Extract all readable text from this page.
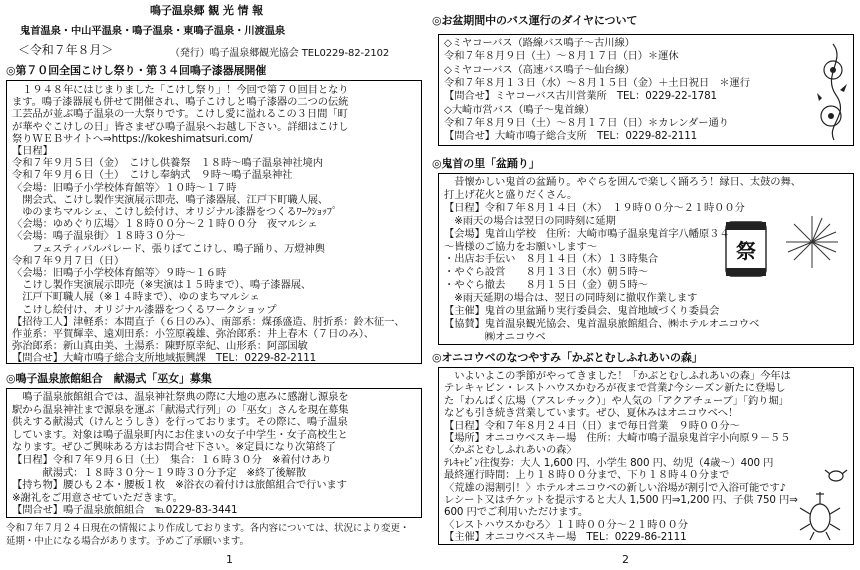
鳴子温泉郷 観 光 情 報
鬼首温泉・中山平温泉・鳴子温泉・東鳴子温泉・川渡温泉
＜令和７年８月＞	（発行）鳴子温泉郷観光協会 TEL0229-82-2102
◎第７０回全国こけし祭り・第３４回鳴子漆器展開催
◎鳴子温泉旅館組合　献湯式「巫女」募集
令和７年７月２４日現在の情報により作成しております。各内容については、状況により変更・
延期・中止になる場合があります。予めご了承願います。
1
　１９４８年にはじまりました「こけし祭り」！今回で第７０回目となり
ます。鳴子漆器展も併せて開催され、鳴子こけしと鳴子漆器の二つの伝統
工芸品が並ぶ鳴子温泉の一大祭りです。こけし愛に溢れるこの３日間「町
が華やぐこけしの日」皆さまぜひ鳴子温泉へお越し下さい。詳細はこけし
祭りＷＥＢサイトへ⇒https://kokeshimatsuri.com/
【日程】
令和７年９月５日（金）　こけし供養祭　１８時～鳴子温泉神社境内
令和７年９月６日（土）　こけし奉納式　９時～鳴子温泉神社
〈会場：旧鳴子小学校体育館等〉１０時～１７時
　開会式、こけし製作実演展示即売、鳴子漆器展、江戸下町職人展、
　ゆのまちマルシェ、こけし絵付け、オリジナル漆器をつくるﾜｰｸｼｮｯﾌﾟ
〈会場：ゆめぐり広場〉１８時００分～２１時００分　夜マルシェ
〈会場：鳴子温泉街〉１８時３０分～
　　フェスティバルパレード、張りぼてこけし、鳴子踊り、万燈神輿
令和７年９月７日（日）
〈会場：旧鳴子小学校体育館等〉９時～１６時
　こけし製作実演展示即売（※実演は１５時まで）、鳴子漆器展、
　江戸下町職人展（※１４時まで）、ゆのまちマルシェ
　こけし絵付け、オリジナル漆器をつくるワークショップ
【招待工人】津軽系：本間直子（６日のみ）、南部系：煤孫盛造、肘折系：鈴木征一、
作並系：平賀輝幸、遠刈田系：小笠原義雄、弥治郎系：井上春木（７日のみ）、
弥治郎系：新山真由美、土湯系：陳野原幸紀、山形系：阿部国敏
【問合せ】大崎市鳴子総合支所地域振興課　TEL：0229-82-2111
　鳴子温泉旅館組合では、温泉神社祭典の際に大地の恵みに感謝し源泉を
駅から温泉神社まで源泉を運ぶ「献湯式行列」の「巫女」さんを現在募集
供えする献湯式（けんとうしき）を行っております。その際に、鳴子温泉
しています。対象は鳴子温泉町内にお住まいの女子中学生・女子高校生と
なります。ぜひご興味ある方はお問合せ下さい。※定員になり次第終了
【日程】令和７年９月６日（土）　集合：１６時３０分　※着付けあり
　　　献湯式：１８時３０分～１９時３０分予定　※終了後解散
【持ち物】腰ひも２本・腰板１枚　※浴衣の着付けは旅館組合で行います
※謝礼をご用意させていただきます。
【問合せ】鳴子温泉旅館組合　℡0229-83-3441
◎お盆期間中のバス運行のダイヤについて
◎鬼首の里「盆踊り」
祭
◎オニコウベのなつやすみ「かぶとむしふれあいの森」
2
◇ミヤコーバス（路線バス鳴子～古川線）
令和７年８月９日（土）～８月１７日（日）＊運休
◇ミヤコーバス（高速バス鳴子～仙台線）
令和７年８月１３日（水）～８月１５日（金）＋土日祝日　＊運行
【問合せ】ミヤコーバス古川営業所　TEL：0229-22-1781
◇大崎市営バス（鳴子～鬼首線）
令和７年８月９日（土）～８月１７日（日）＊カレンダー通り
【問合せ】大崎市鳴子総合支所　TEL：0229-82-2111
　昔懐かしい鬼首の盆踊り。やぐらを囲んで楽しく踊ろう！縁日、太鼓の舞、
打上げ花火と盛りだくさん。
【日程】令和７年８月１４日（木）　１９時００分～２１時００分
　※雨天の場合は翌日の同時刻に延期
【会場】鬼首山学校　住所：大崎市鳴子温泉鬼首字八幡原３４
～皆様のご協力をお願いします～
・出店お手伝い　８月１４日（木）１３時集合
・やぐら設営　　８月１３日（水）朝５時～
・やぐら撤去　　８月１５日（金）朝５時～
　※雨天延期の場合は、翌日の同時刻に撤収作業します
【主催】鬼首の里盆踊り実行委員会、鬼首地域づくり委員会
【協賛】鬼首温泉観光協会、鬼首温泉旅館組合、㈱ホテルオニコウベ
　　　　㈱オニコウベ
　いよいよこの季節がやってきました！「かぶとむしふれあいの森」今年は
テレキャビン・レストハウスかむろが夜まで営業♪今シーズン新たに登場し
た「わんぱく広場（アスレチック）」や人気の「アクアチューブ」「釣り堀」
なども引き続き営業しています。ぜひ、夏休みはオニコウベへ！
【日程】令和７年８月２４日（日）まで毎日営業　９時００分～
【場所】オニコウベスキー場　住所：大崎市鳴子温泉鬼首字小向原９－５５
〈かぶとむしふれあいの森〉
ﾃﾚｷｬﾋﾞﾝ往復券：大人 1,600 円、小学生 800 円、幼児（4歳～）400 円
最終運行時間：上り１８時００分まで、下り１８時４０分まで
〈荒雄の湯割引！〉ホテルオニコウベの新しい浴場が割引で入浴可能です♪
レシート又はチケットを提示すると大人 1,500 円⇒1,200 円、子供 750 円⇒
600 円でご利用いただけます。
〈レストハウスかむろ〉１１時００分～２１時００分
【主催】オニコウベスキー場　TEL：0229-86-2111
